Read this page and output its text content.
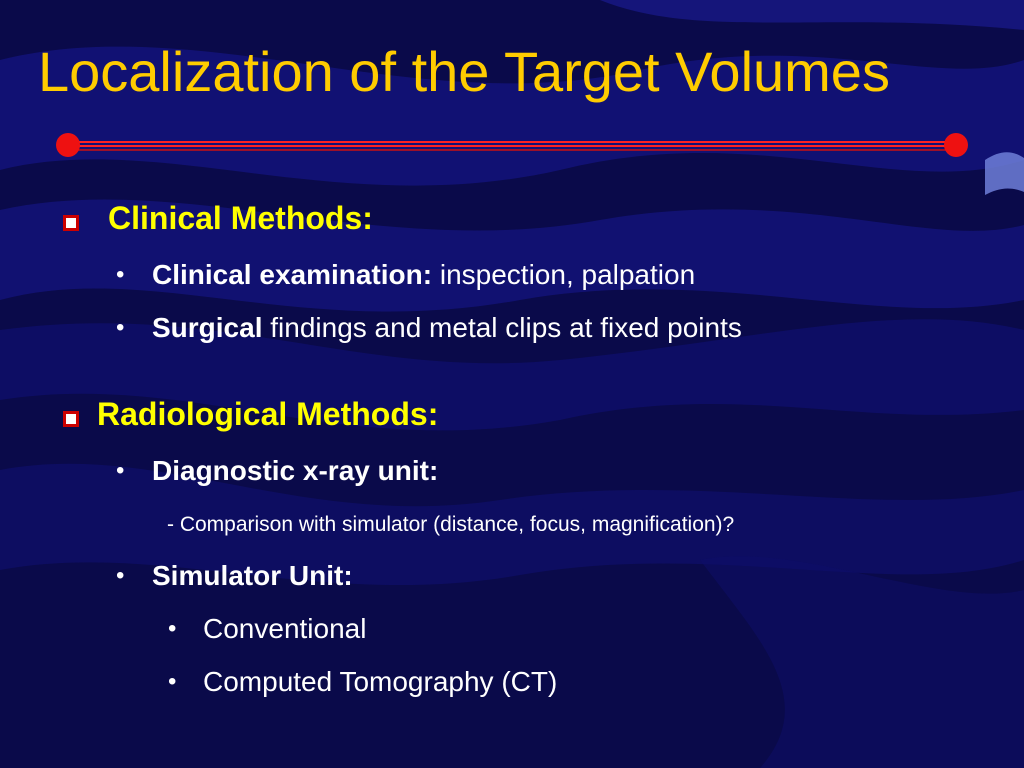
Localization of the Target Volumes
Clinical Methods:
• Clinical examination: inspection, palpation
• Surgical findings and metal clips at fixed points
Radiological Methods:
• Diagnostic x-ray unit:
- Comparison with simulator (distance, focus, magnification)?
• Simulator Unit:
• Conventional
• Computed Tomography (CT)
